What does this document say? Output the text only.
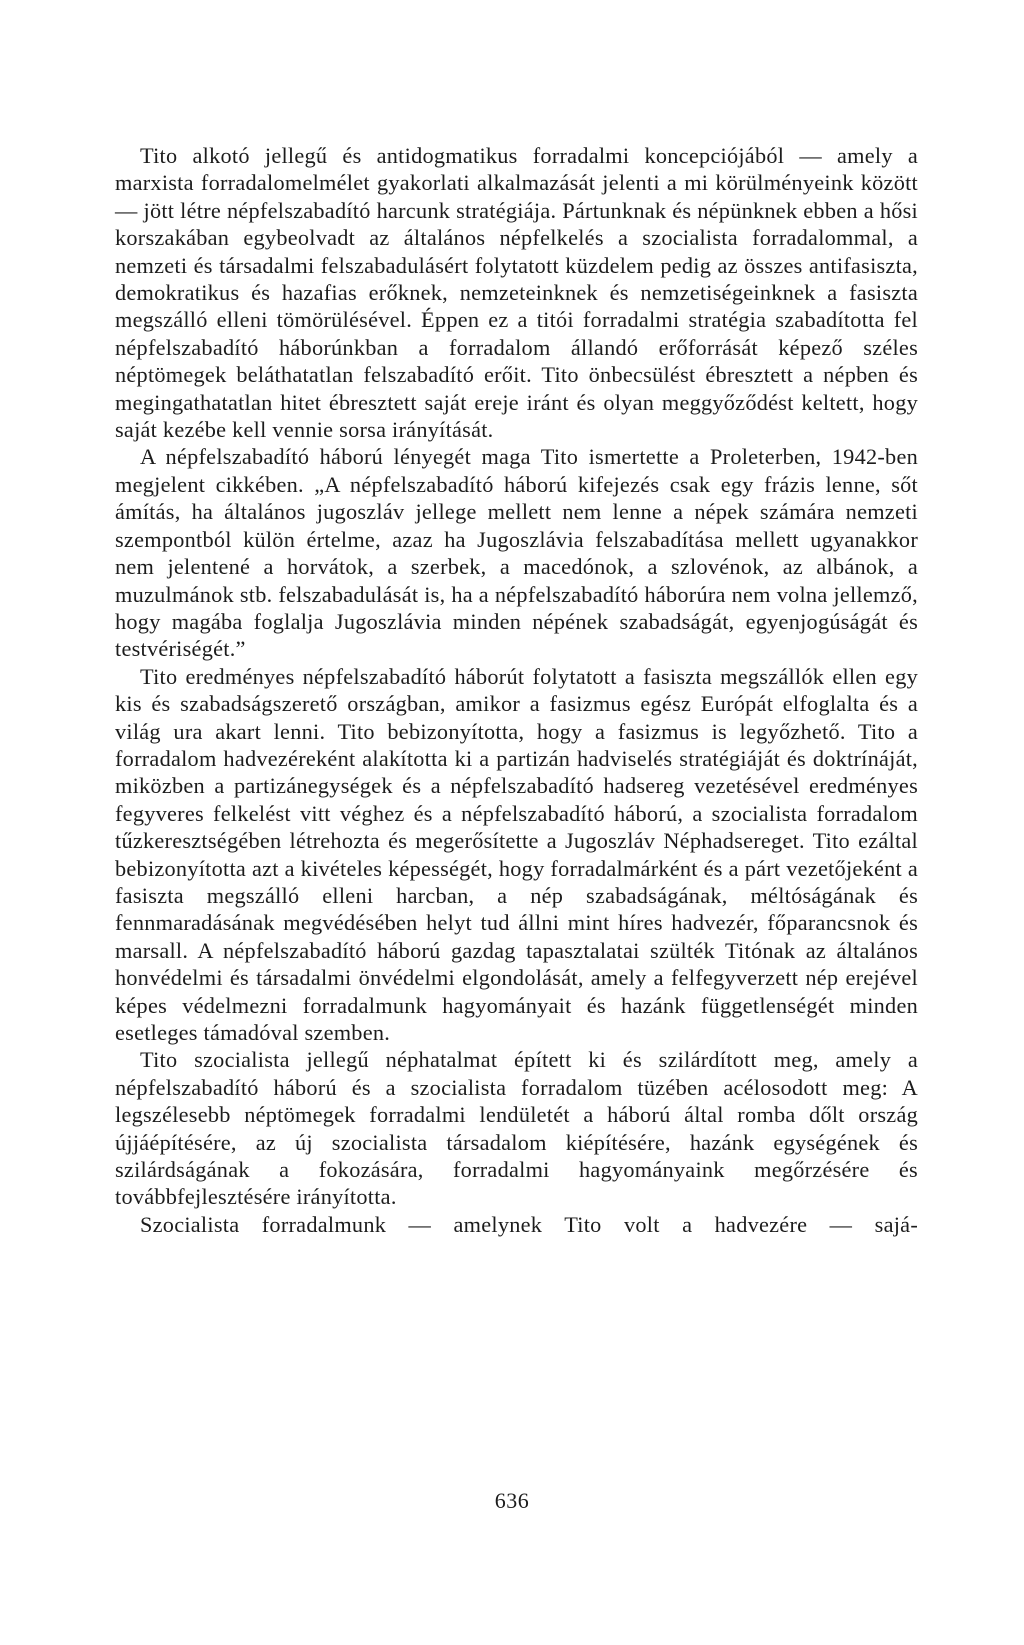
Tito alkotó jellegű és antidogmatikus forradalmi koncepciójából — amely a marxista forradalomelmélet gyakorlati alkalmazását jelenti a mi körülményeink között — jött létre népfelszabadító harcunk stratégiája. Pártunknak és népünknek ebben a hősi korszakában egybeolvadt az általános népfelkelés a szocialista forradalommal, a nemzeti és társadalmi felszabadulásért folytatott küzdelem pedig az összes antifasiszta, demokratikus és hazafias erőknek, nemzeteinknek és nemzetiségeinknek a fasiszta megszálló elleni tömörülésével. Éppen ez a titói forradalmi stratégia szabadította fel népfelszabadító háborúnkban a forradalom állandó erőforrását képező széles néptömegek beláthatatlan felszabadító erőit. Tito önbecsülést ébresztett a népben és megingathatatlan hitet ébresztett saját ereje iránt és olyan meggyőződést keltett, hogy saját kezébe kell vennie sorsa irányítását.

A népfelszabadító háború lényegét maga Tito ismertette a Proleterben, 1942-ben megjelent cikkében. „A népfelszabadító háború kifejezés csak egy frázis lenne, sőt ámítás, ha általános jugoszláv jellege mellett nem lenne a népek számára nemzeti szempontból külön értelme, azaz ha Jugoszlávia felszabadítása mellett ugyanakkor nem jelentené a horvátok, a szerbek, a macedónok, a szlovénok, az albánok, a muzulmánok stb. felszabadulását is, ha a népfelszabadító háborúra nem volna jellemző, hogy magába foglalja Jugoszlávia minden népének szabadságát, egyenjogúságát és testvériségét.”

Tito eredményes népfelszabadító háborút folytatott a fasiszta megszállók ellen egy kis és szabadságszerető országban, amikor a fasizmus egész Európát elfoglalta és a világ ura akart lenni. Tito bebizonyította, hogy a fasizmus is legyőzhető. Tito a forradalom hadvezéreként alakította ki a partizán hadviselés stratégiáját és doktrínáját, miközben a partizánegységek és a népfelszabadító hadsereg vezetésével eredményes fegyveres felkelést vitt véghez és a népfelszabadító háború, a szocialista forradalom tűzkeresztségében létrehozta és megerősítette a Jugoszláv Néphadsereget. Tito ezáltal bebizonyította azt a kivételes képességét, hogy forradalmárként és a párt vezetőjeként a fasiszta megszálló elleni harcban, a nép szabadságának, méltóságának és fennmaradásának megvédésében helyt tud állni mint híres hadvezér, főparancsnok és marsall. A népfelszabadító háború gazdag tapasztalatai szülték Titónak az általános honvédelmi és társadalmi önvédelmi elgondolását, amely a felfegyverzett nép erejével képes védelmezni forradalmunk hagyományait és hazánk függetlenségét minden esetleges támadóval szemben.

Tito szocialista jellegű néphatalmat épített ki és szilárdított meg, amely a népfelszabadító háború és a szocialista forradalom tüzében acélosodott meg: A legszélesebb néptömegek forradalmi lendületét a háború által romba dőlt ország újjáépítésére, az új szocialista társadalom kiépítésére, hazánk egységének és szilárdságának a fokozására, forradalmi hagyományaink megőrzésére és továbbfejlesztésére irányította.

Szocialista forradalmunk — amelynek Tito volt a hadvezére — sajá-

636
